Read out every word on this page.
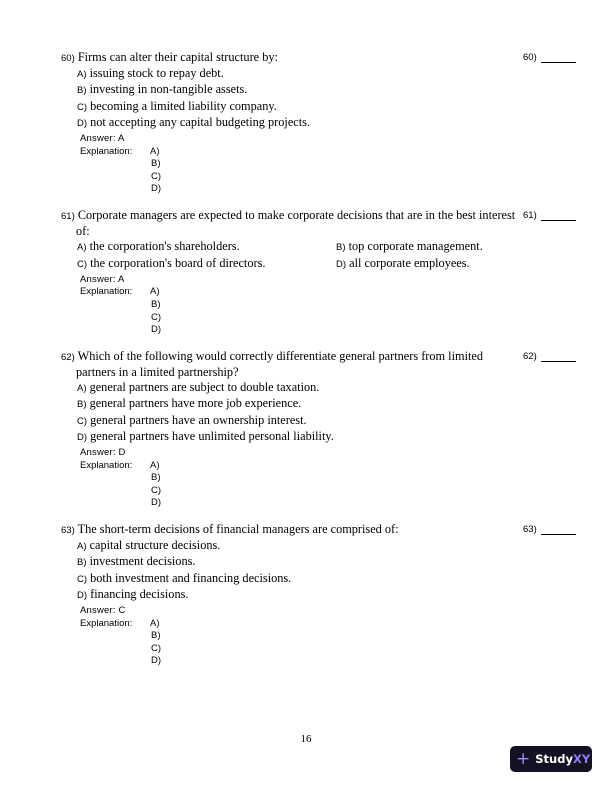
60) Firms can alter their capital structure by:
A) issuing stock to repay debt.
B) investing in non-tangible assets.
C) becoming a limited liability company.
D) not accepting any capital budgeting projects.
Answer: A
Explanation:	A)
B)
C)
D)
60)
61) Corporate managers are expected to make corporate decisions that are in the best interest
of:
A) the corporation's shareholders.	B) top corporate management.
C) the corporation's board of directors.	D) all corporate employees.
Answer: A
Explanation:	A)
B)
C)
D)
61)
62) Which of the following would correctly differentiate general partners from limited
partners in a limited partnership?
A) general partners are subject to double taxation.
B) general partners have more job experience.
C) general partners have an ownership interest.
D) general partners have unlimited personal liability.
Answer: D
Explanation:	A)
B)
C)
D)
62)
63) The short-term decisions of financial managers are comprised of:
A) capital structure decisions.
B) investment decisions.
C) both investment and financing decisions.
D) financing decisions.
Answer: C
Explanation:	A)
B)
C)
D)
63)
16
+ Study XY
